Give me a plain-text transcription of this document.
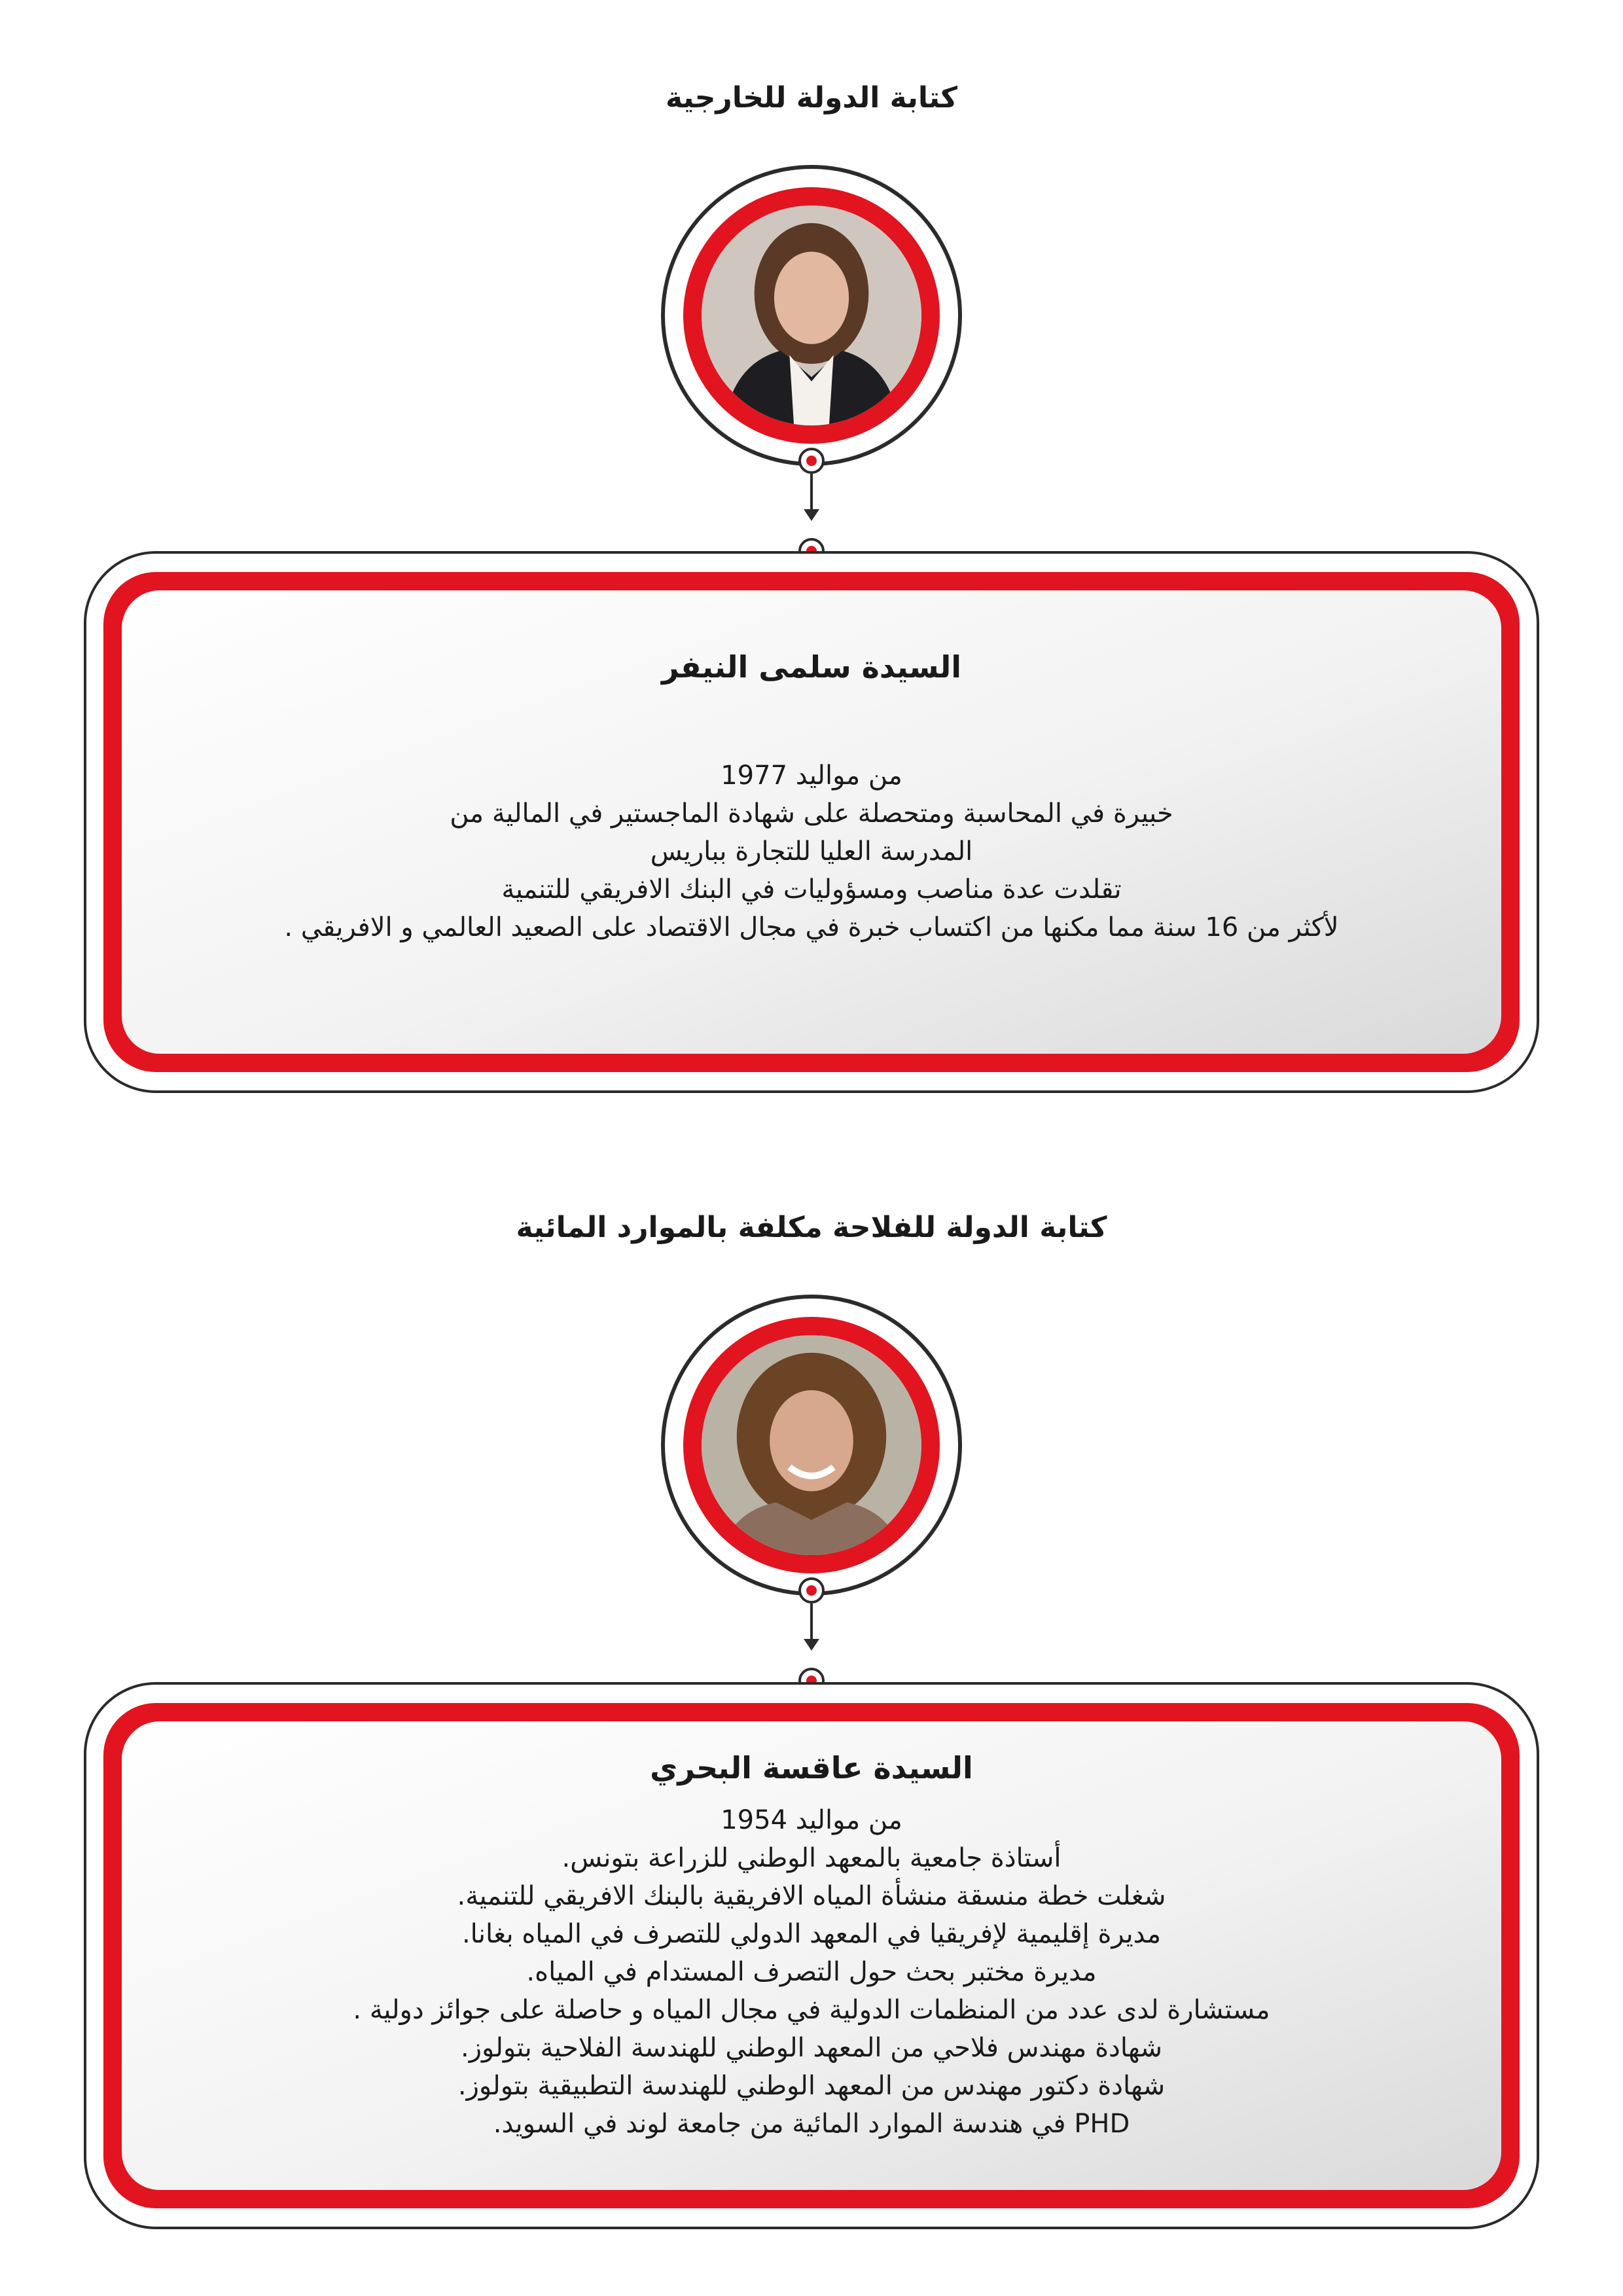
كتابة الدولة للخارجية

السيدة سلمى النيفر

من مواليد 1977

خبيرة في المحاسبة ومتحصلة على شهادة الماجستير في المالية من

المدرسة العليا للتجارة بباريس

تقلدت عدة مناصب ومسؤوليات في البنك الافريقي للتنمية

لأكثر من 16 سنة مما مكنها من اكتساب خبرة في مجال الاقتصاد على الصعيد العالمي و الافريقي .

كتابة الدولة للفلاحة مكلفة بالموارد المائية

السيدة عاقسة البحري

من مواليد 1954

أستاذة جامعية بالمعهد الوطني للزراعة بتونس.

شغلت خطة منسقة منشأة المياه الافريقية بالبنك الافريقي للتنمية.

مديرة إقليمية لإفريقيا في المعهد الدولي للتصرف في المياه بغانا.

مديرة مختبر بحث حول التصرف المستدام في المياه.

مستشارة لدى عدد من المنظمات الدولية في مجال المياه و حاصلة على جوائز دولية .

شهادة مهندس فلاحي من المعهد الوطني للهندسة الفلاحية بتولوز.

شهادة دكتور مهندس من المعهد الوطني للهندسة التطبيقية بتولوز.

PHD في هندسة الموارد المائية من جامعة لوند في السويد.
